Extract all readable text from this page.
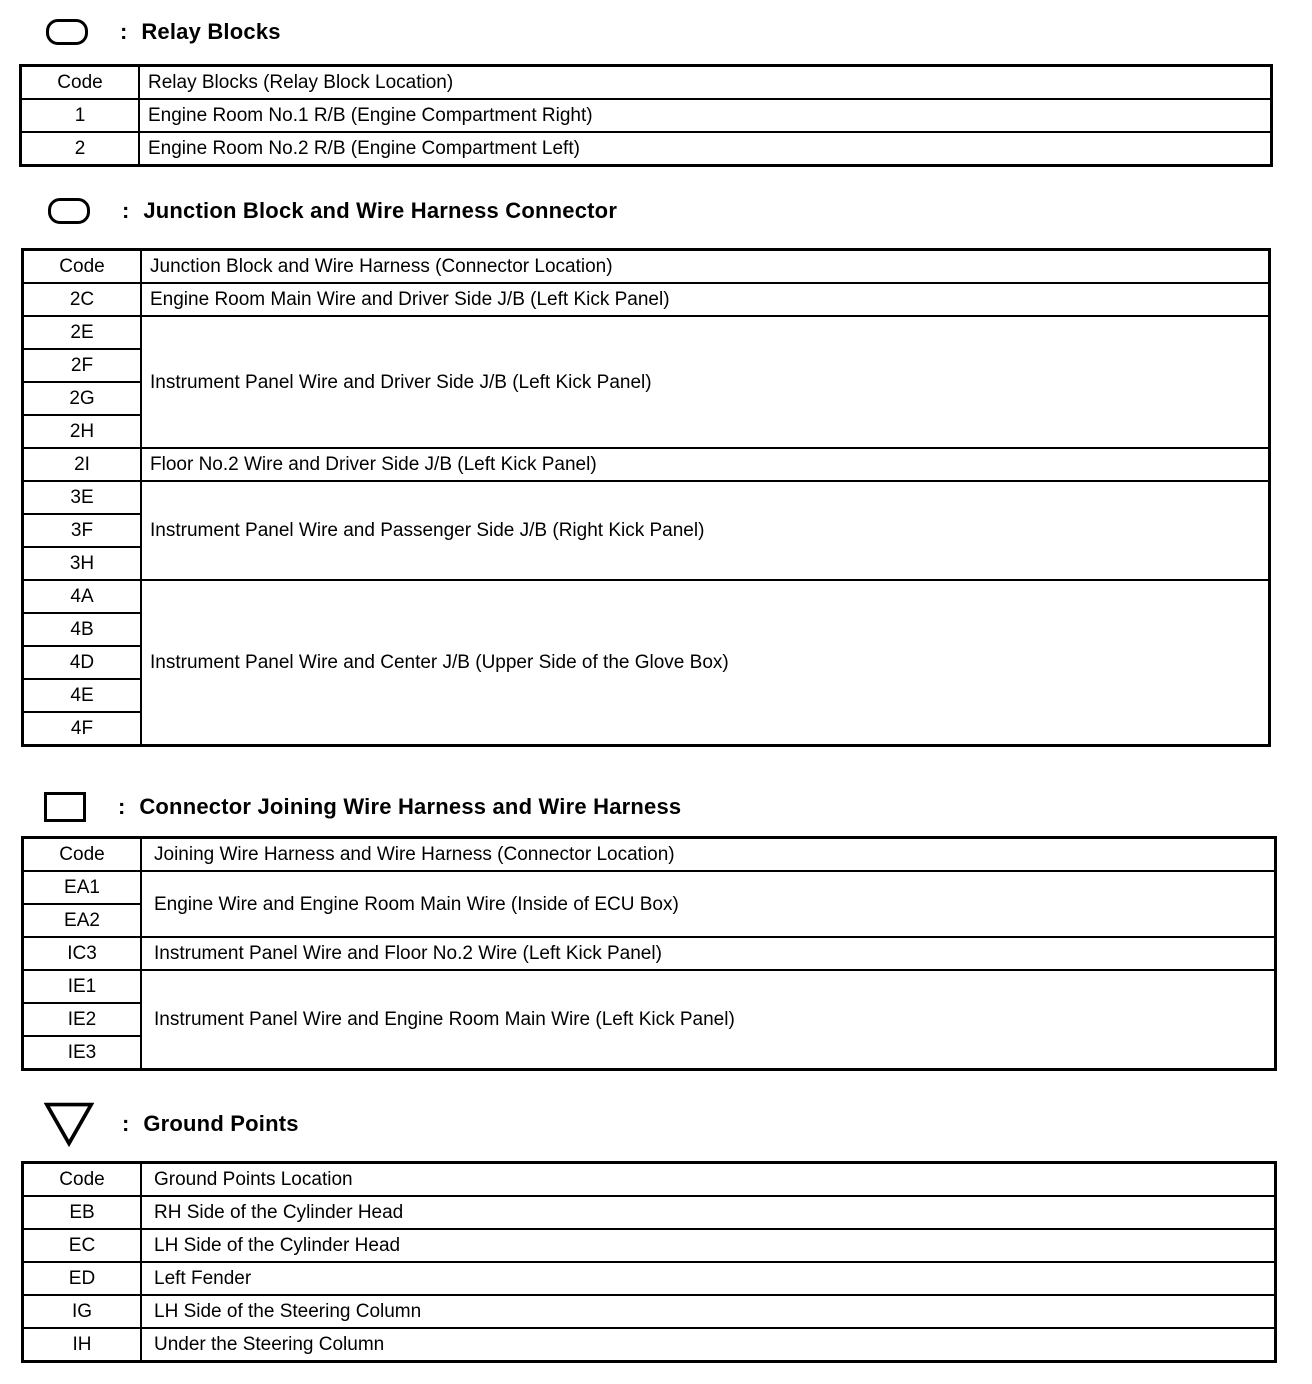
: Relay Blocks
Code	Relay Blocks (Relay Block Location)
1	Engine Room No.1 R/B (Engine Compartment Right)
2	Engine Room No.2 R/B (Engine Compartment Left)
: Junction Block and Wire Harness Connector
Code	Junction Block and Wire Harness (Connector Location)
2C	Engine Room Main Wire and Driver Side J/B (Left Kick Panel)
2E	Instrument Panel Wire and Driver Side J/B (Left Kick Panel)
2F	
2G	
2H	
2I	Floor No.2 Wire and Driver Side J/B (Left Kick Panel)
3E	Instrument Panel Wire and Passenger Side J/B (Right Kick Panel)
3F	
3H	
4A	Instrument Panel Wire and Center J/B (Upper Side of the Glove Box)
4B	
4D	
4E	
4F	
: Connector Joining Wire Harness and Wire Harness
Code	Joining Wire Harness and Wire Harness (Connector Location)
EA1	Engine Wire and Engine Room Main Wire (Inside of ECU Box)
EA2	
IC3	Instrument Panel Wire and Floor No.2 Wire (Left Kick Panel)
IE1	Instrument Panel Wire and Engine Room Main Wire (Left Kick Panel)
IE2	
IE3	
: Ground Points
Code	Ground Points Location
EB	RH Side of the Cylinder Head
EC	LH Side of the Cylinder Head
ED	Left Fender
IG	LH Side of the Steering Column
IH	Under the Steering Column
